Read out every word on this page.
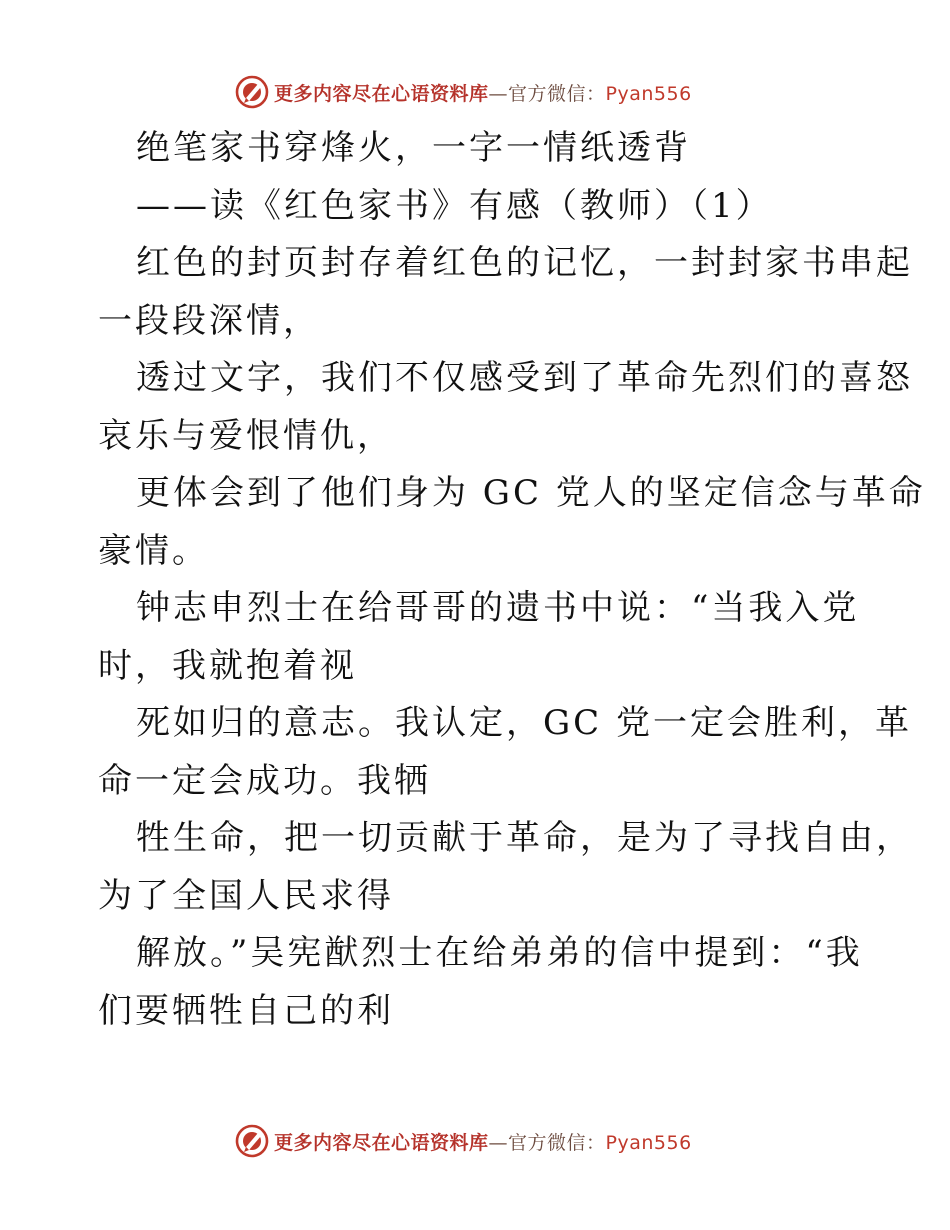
更多内容尽在心语资料库—官方微信：Pyan556
绝笔家书穿烽火，一字一情纸透背
——读《红色家书》有感（教师）（1）
红色的封页封存着红色的记忆，一封封家书串起
一段段深情，
透过文字，我们不仅感受到了革命先烈们的喜怒
哀乐与爱恨情仇，
更体会到了他们身为 GC 党人的坚定信念与革命
豪情。
钟志申烈士在给哥哥的遗书中说：“当我入党
时，我就抱着视
死如归的意志。我认定，GC 党一定会胜利，革
命一定会成功。我牺
牲生命，把一切贡献于革命，是为了寻找自由，
为了全国人民求得
解放。”吴宪猷烈士在给弟弟的信中提到：“我
们要牺牲自己的利
更多内容尽在心语资料库—官方微信：Pyan556
